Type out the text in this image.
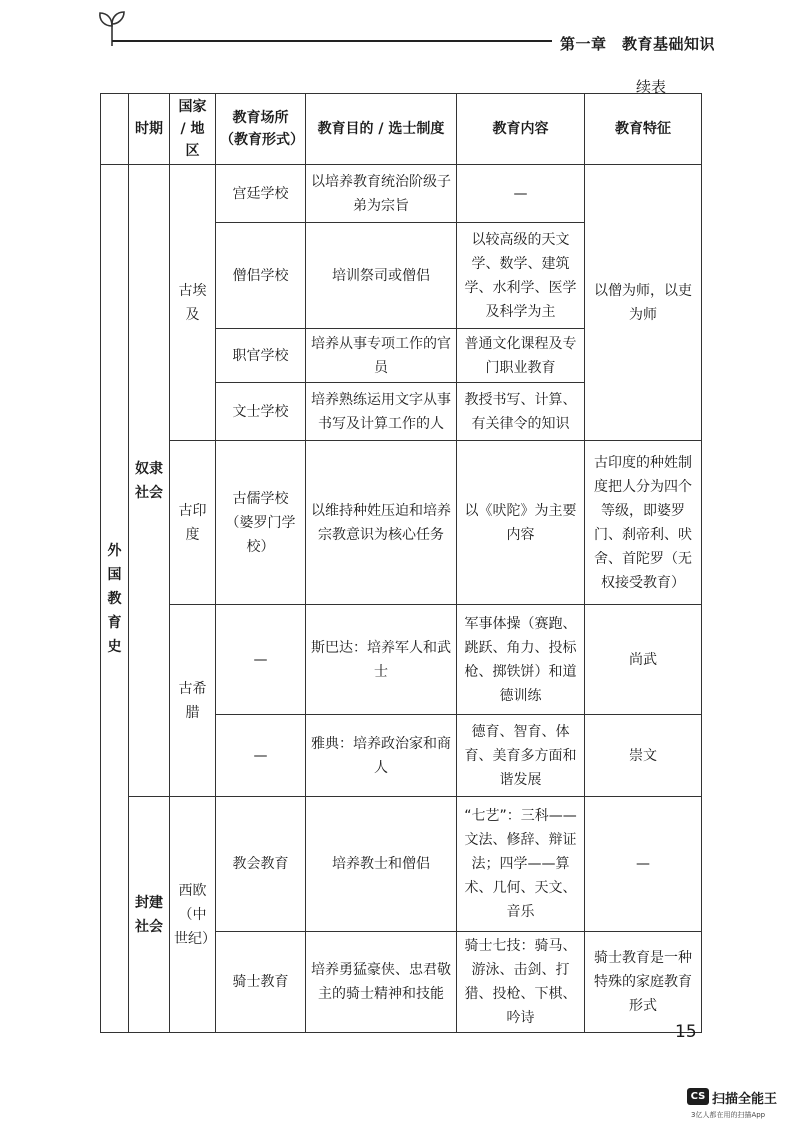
第一章　教育基础知识
续表
	时期	国家 / 地区	教育场所（教育形式）	教育目的 / 选士制度	教育内容	教育特征
外国教育史	奴隶社会	古埃及	宫廷学校	以培养教育统治阶级子弟为宗旨	—	以僧为师，以吏为师
			僧侣学校	培训祭司或僧侣	以较高级的天文学、数学、建筑学、水利学、医学及科学为主	
			职官学校	培养从事专项工作的官员	普通文化课程及专门职业教育	
			文士学校	培养熟练运用文字从事书写及计算工作的人	教授书写、计算、有关律令的知识	
		古印度	古儒学校（婆罗门学校）	以维持种姓压迫和培养宗教意识为核心任务	以《吠陀》为主要内容	古印度的种姓制度把人分为四个等级，即婆罗门、刹帝利、吠舍、首陀罗（无权接受教育）
		古希腊	—	斯巴达：培养军人和武士	军事体操（赛跑、跳跃、角力、投标枪、掷铁饼）和道德训练	尚武
			—	雅典：培养政治家和商人	德育、智育、体育、美育多方面和谐发展	崇文
	封建社会	西欧（中世纪）	教会教育	培养教士和僧侣	“七艺”：三科——文法、修辞、辩证法；四学——算术、几何、天文、音乐	—
			骑士教育	培养勇猛豪侠、忠君敬主的骑士精神和技能	骑士七技：骑马、游泳、击剑、打猎、投枪、下棋、吟诗	骑士教育是一种特殊的家庭教育形式
15
CS 扫描全能王
3亿人都在用的扫描App
